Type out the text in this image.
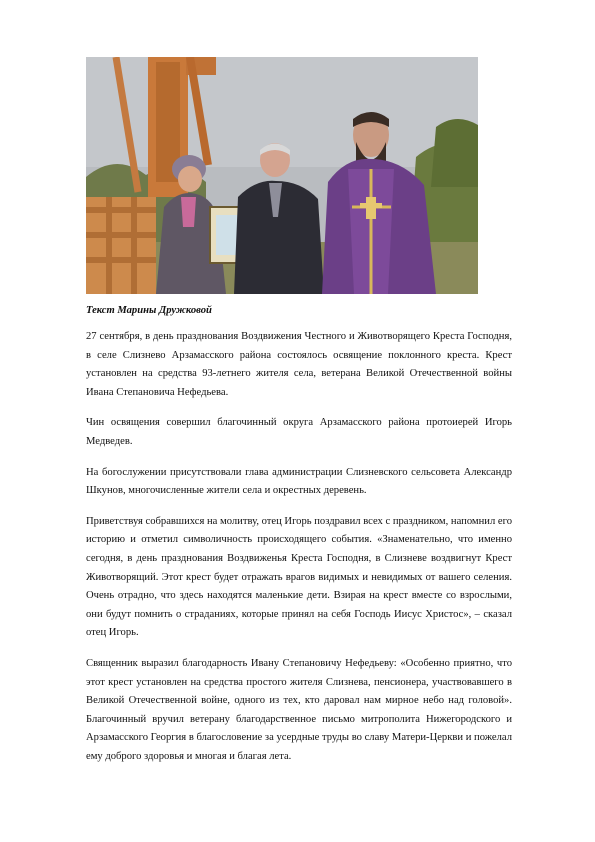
Текст Марины Дружковой

27 сентября, в день празднования Воздвижения Честного и Животворящего Креста Господня, в селе Слизнево Арзамасского района состоялось освящение поклонного креста. Крест установлен на средства 93-летнего жителя села, ветерана Великой Отечественной войны Ивана Степановича Нефедьева.

Чин освящения совершил благочинный округа Арзамасского района протоиерей Игорь Медведев.

На богослужении присутствовали глава администрации Слизневского сельсовета Александр Шкунов, многочисленные жители села и окрестных деревень.

Приветствуя собравшихся на молитву, отец Игорь поздравил всех с праздником, напомнил его историю и отметил символичность происходящего события. «Знаменательно, что именно сегодня, в день празднования Воздвиженья Креста Господня, в Слизневе воздвигнут Крест Животворящий. Этот крест будет отражать врагов видимых и невидимых от вашего селения. Очень отрадно, что здесь находятся маленькие дети. Взирая на крест вместе со взрослыми, они будут помнить о страданиях, которые принял на себя Господь Иисус Христос», – сказал отец Игорь.

Священник выразил благодарность Ивану Степановичу Нефедьеву: «Особенно приятно, что этот крест установлен на средства простого жителя Слизнева, пенсионера, участвовавшего в Великой Отечественной войне, одного из тех, кто даровал нам мирное небо над головой». Благочинный вручил ветерану благодарственное письмо митрополита Нижегородского и Арзамасского Георгия в благословение за усердные труды во славу Матери-Церкви и пожелал ему доброго здоровья и многая и благая лета.
